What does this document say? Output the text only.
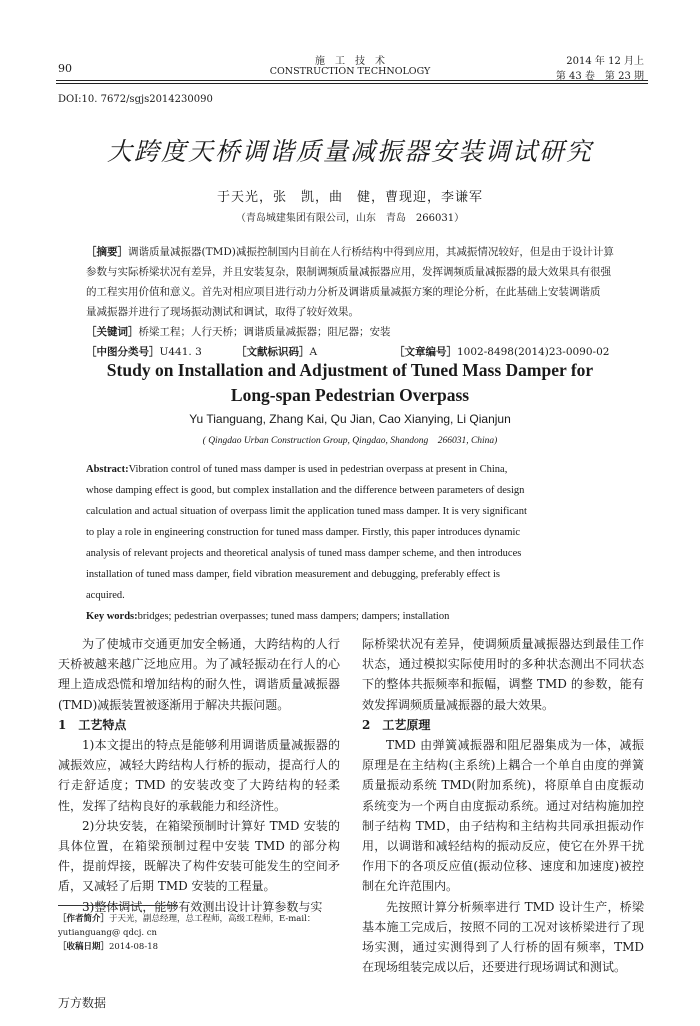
90
施　工　技　术
CONSTRUCTION TECHNOLOGY
2014 年 12 月上
第 43 卷　第 23 期
DOI:10. 7672/sgjs2014230090
大跨度天桥调谐质量减振器安装调试研究
于天光，张　凯，曲　健，曹现迎，李谦军
（青岛城建集团有限公司，山东　青岛　266031）
［摘要］调谐质量减振器(TMD)减振控制国内目前在人行桥结构中得到应用，其减振情况较好，但是由于设计计算
参数与实际桥梁状况有差异，并且安装复杂，限制调频质量减振器应用，发挥调频质量减振器的最大效果具有很强
的工程实用价值和意义。首先对相应项目进行动力分析及调谐质量减振方案的理论分析，在此基础上安装调谐质
量减振器并进行了现场振动测试和调试，取得了较好效果。
［关键词］桥梁工程；人行天桥；调谐质量减振器；阻尼器；安装
［中图分类号］U441. 3	［文献标识码］A	［文章编号］1002-8498(2014)23-0090-02
Study on Installation and Adjustment of Tuned Mass Damper for
Long-span Pedestrian Overpass
Yu Tianguang, Zhang Kai, Qu Jian, Cao Xianying, Li Qianjun
( Qingdao Urban Construction Group, Qingdao, Shandong　266031, China)
Abstract:Vibration control of tuned mass damper is used in pedestrian overpass at present in China,
whose damping effect is good, but complex installation and the difference between parameters of design
calculation and actual situation of overpass limit the application tuned mass damper. It is very significant
to play a role in engineering construction for tuned mass damper. Firstly, this paper introduces dynamic
analysis of relevant projects and theoretical analysis of tuned mass damper scheme, and then introduces
installation of tuned mass damper, field vibration measurement and debugging, preferably effect is
acquired.
Key words:bridges; pedestrian overpasses; tuned mass dampers; dampers; installation

为了使城市交通更加安全畅通，大跨结构的人行天桥被越来越广泛地应用。为了减轻振动在行人的心理上造成恐慌和增加结构的耐久性，调谐质量减振器(TMD)减振装置被逐渐用于解决共振问题。

1　工艺特点

1)本文提出的特点是能够利用调谐质量减振器的减振效应，减轻大跨结构人行桥的振动，提高行人的行走舒适度；TMD 的安装改变了大跨结构的轻柔性，发挥了结构良好的承载能力和经济性。

2)分块安装，在箱梁预制时计算好 TMD 安装的具体位置，在箱梁预制过程中安装 TMD 的部分构件，提前焊接，既解决了构件安装可能发生的空间矛盾，又减轻了后期 TMD 安装的工程量。

3)整体调试，能够有效测出设计计算参数与实

［作者简介］于天光，副总经理，总工程师，高级工程师，E-mail：yutianguang@ qdcj. cn
［收稿日期］2014-08-18

际桥梁状况有差异，使调频质量减振器达到最佳工作状态，通过模拟实际使用时的多种状态测出不同状态下的整体共振频率和振幅，调整 TMD 的参数，能有效发挥调频质量减振器的最大效果。

2　工艺原理

TMD 由弹簧减振器和阻尼器集成为一体，减振原理是在主结构(主系统)上耦合一个单自由度的弹簧质量振动系统 TMD(附加系统)，将原单自由度振动系统变为一个两自由度振动系统。通过对结构施加控制子结构 TMD，由子结构和主结构共同承担振动作用，以调谐和减轻结构的振动反应，使它在外界干扰作用下的各项反应值(振动位移、速度和加速度)被控制在允许范围内。

先按照计算分析频率进行 TMD 设计生产，桥梁基本施工完成后，按照不同的工况对该桥梁进行了现场实测，通过实测得到了人行桥的固有频率，TMD 在现场组装完成以后，还要进行现场调试和测试。

万方数据
